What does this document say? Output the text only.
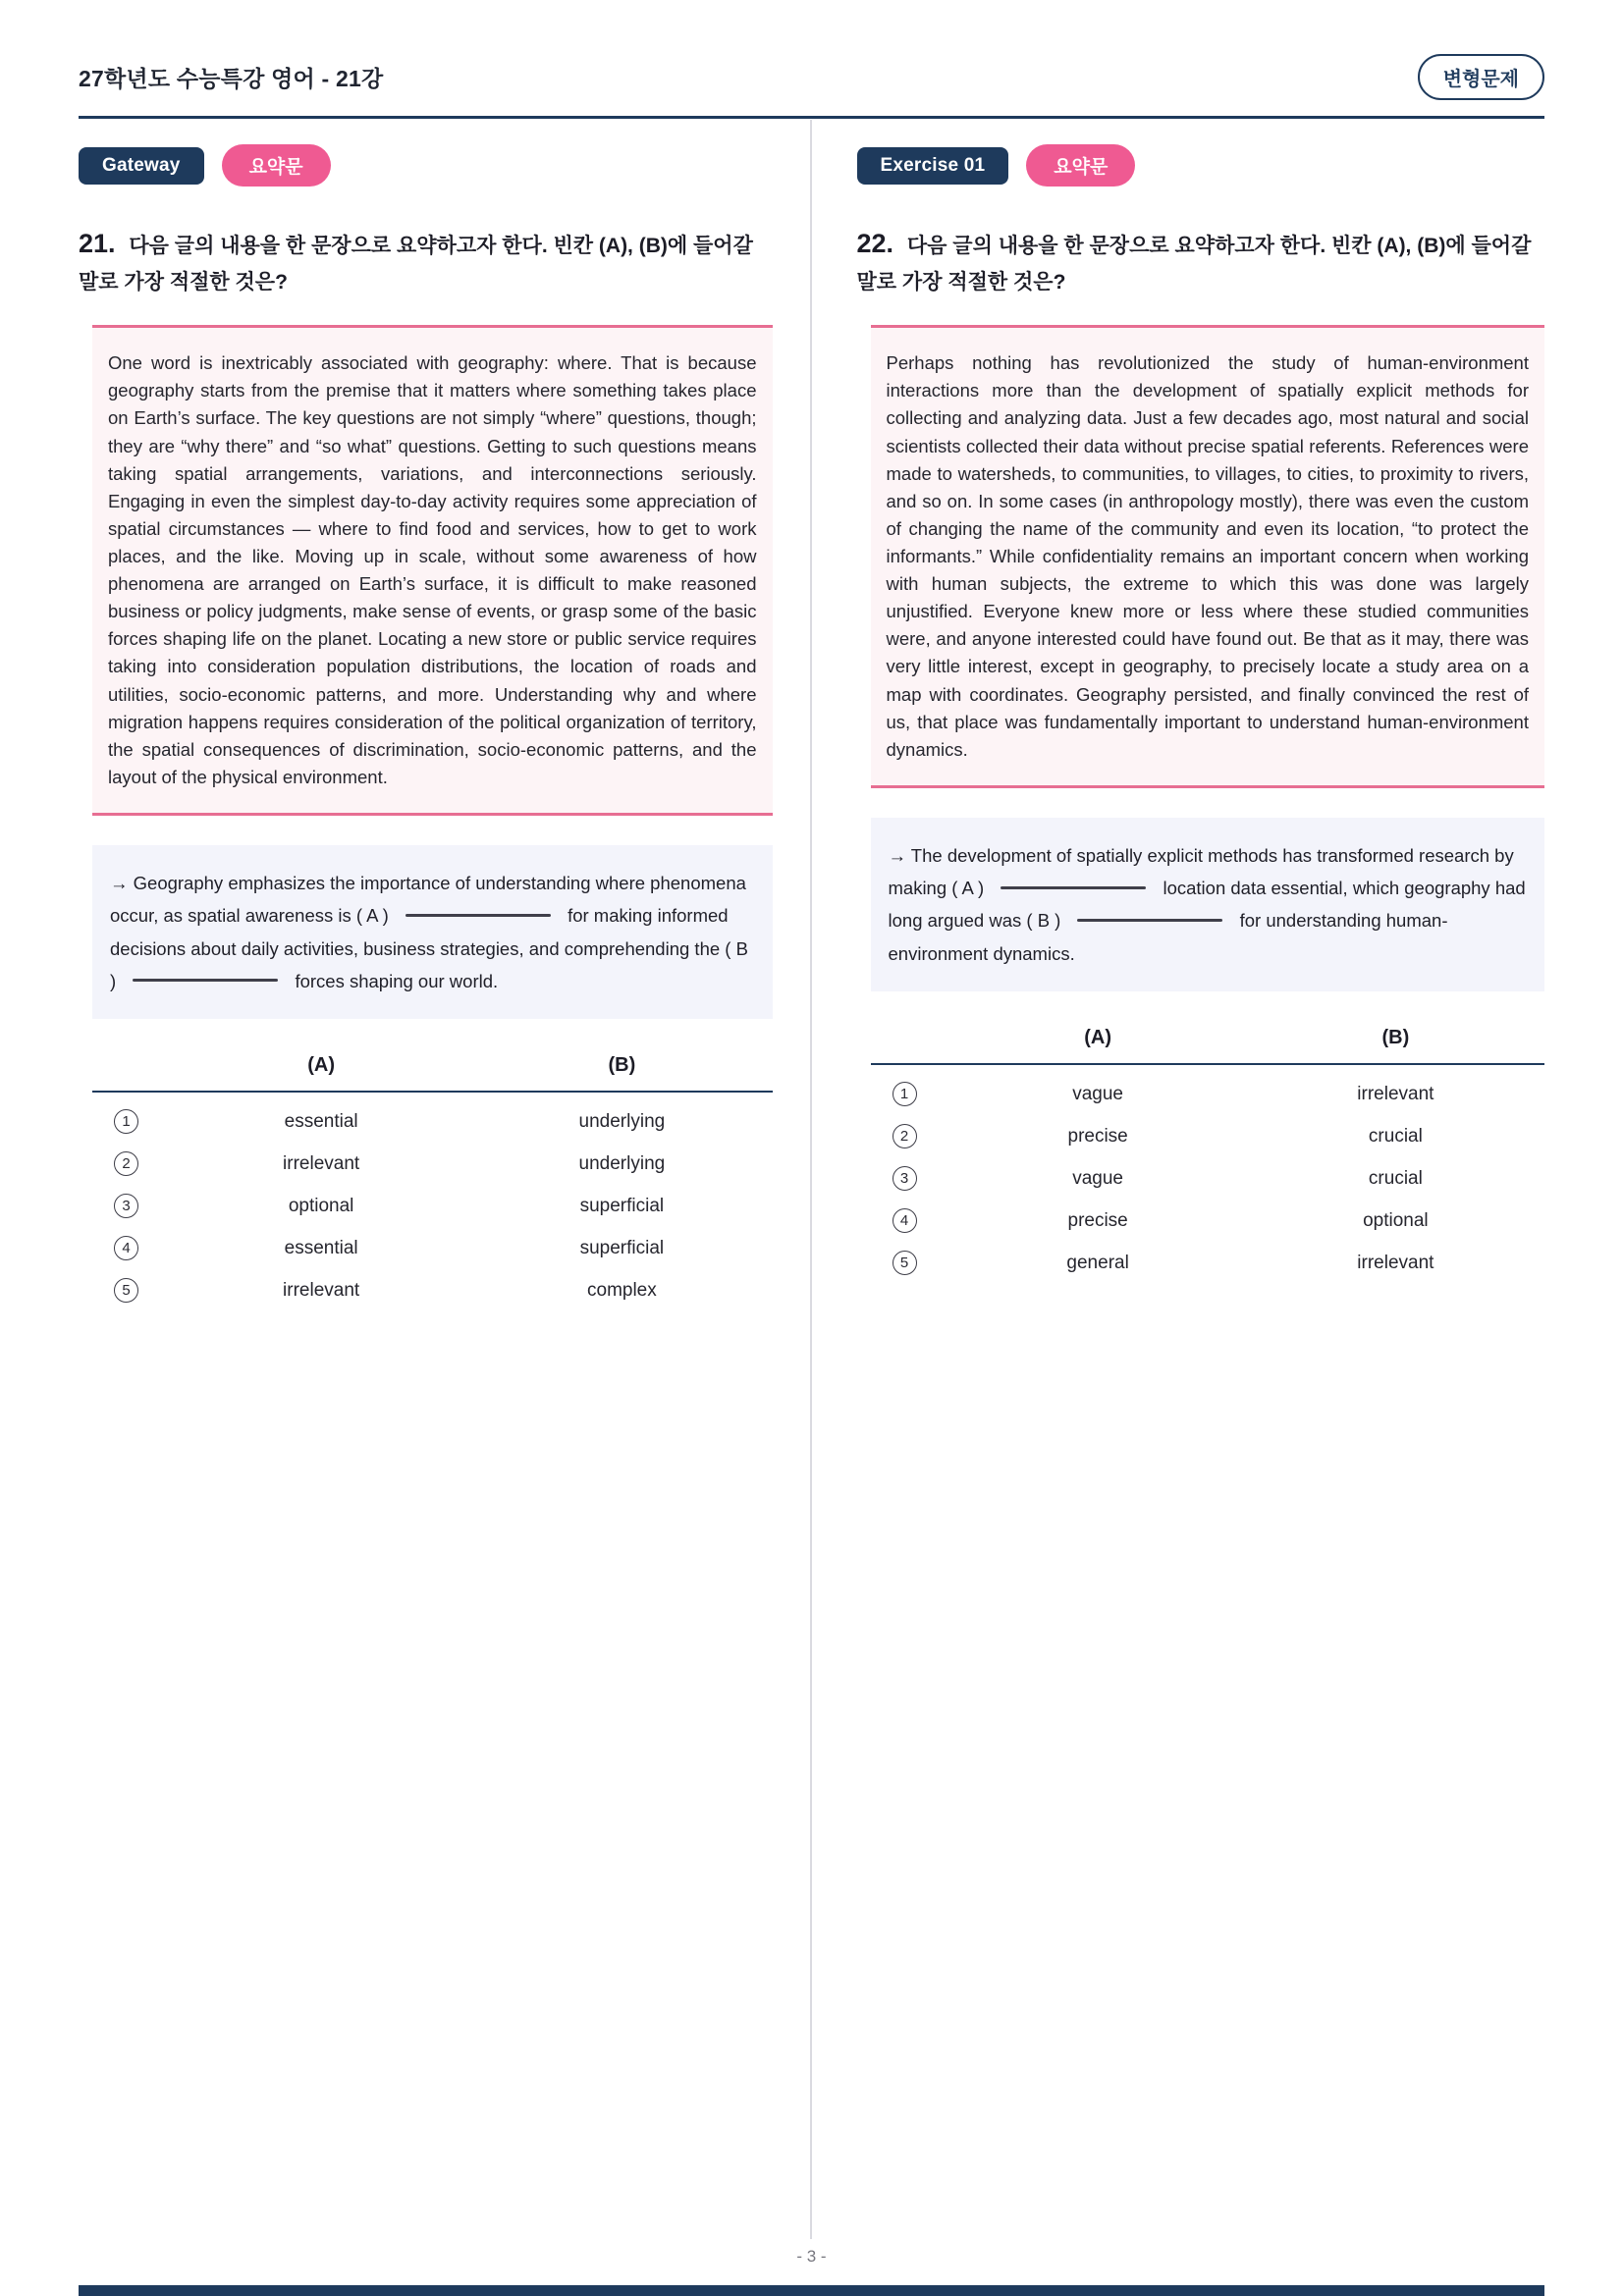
27학년도 수능특강 영어 - 21강	변형문제
Gateway	요약문
21. 다음 글의 내용을 한 문장으로 요약하고자 한다. 빈칸 (A), (B)에 들어갈 말로 가장 적절한 것은?
One word is inextricably associated with geography: where. That is because geography starts from the premise that it matters where something takes place on Earth’s surface. The key questions are not simply “where” questions, though; they are “why there” and “so what” questions. Getting to such questions means taking spatial arrangements, variations, and interconnections seriously. Engaging in even the simplest day-to-day activity requires some appreciation of spatial circumstances — where to find food and services, how to get to work places, and the like. Moving up in scale, without some awareness of how phenomena are arranged on Earth’s surface, it is difficult to make reasoned business or policy judgments, make sense of events, or grasp some of the basic forces shaping life on the planet. Locating a new store or public service requires taking into consideration population distributions, the location of roads and utilities, socio-economic patterns, and more. Understanding why and where migration happens requires consideration of the political organization of territory, the spatial consequences of discrimination, socio-economic patterns, and the layout of the physical environment.
→ Geography emphasizes the importance of understanding where phenomena occur, as spatial awareness is ( A )	for making informed decisions about daily activities, business strategies, and comprehending the ( B )	forces shaping our world.
(A)	(B)
1	essential	underlying
2	irrelevant	underlying
3	optional	superficial
4	essential	superficial
5	irrelevant	complex
Exercise 01	요약문
22. 다음 글의 내용을 한 문장으로 요약하고자 한다. 빈칸 (A), (B)에 들어갈 말로 가장 적절한 것은?
Perhaps nothing has revolutionized the study of human-environment interactions more than the development of spatially explicit methods for collecting and analyzing data. Just a few decades ago, most natural and social scientists collected their data without precise spatial referents. References were made to watersheds, to communities, to villages, to cities, to proximity to rivers, and so on. In some cases (in anthropology mostly), there was even the custom of changing the name of the community and even its location, “to protect the informants.” While confidentiality remains an important concern when working with human subjects, the extreme to which this was done was largely unjustified. Everyone knew more or less where these studied communities were, and anyone interested could have found out. Be that as it may, there was very little interest, except in geography, to precisely locate a study area on a map with coordinates. Geography persisted, and finally convinced the rest of us, that place was fundamentally important to understand human-environment dynamics.
→ The development of spatially explicit methods has transformed research by making ( A )	location data essential, which geography had long argued was ( B )	for understanding human-environment dynamics.
(A)	(B)
1	vague	irrelevant
2	precise	crucial
3	vague	crucial
4	precise	optional
5	general	irrelevant
- 3 -
